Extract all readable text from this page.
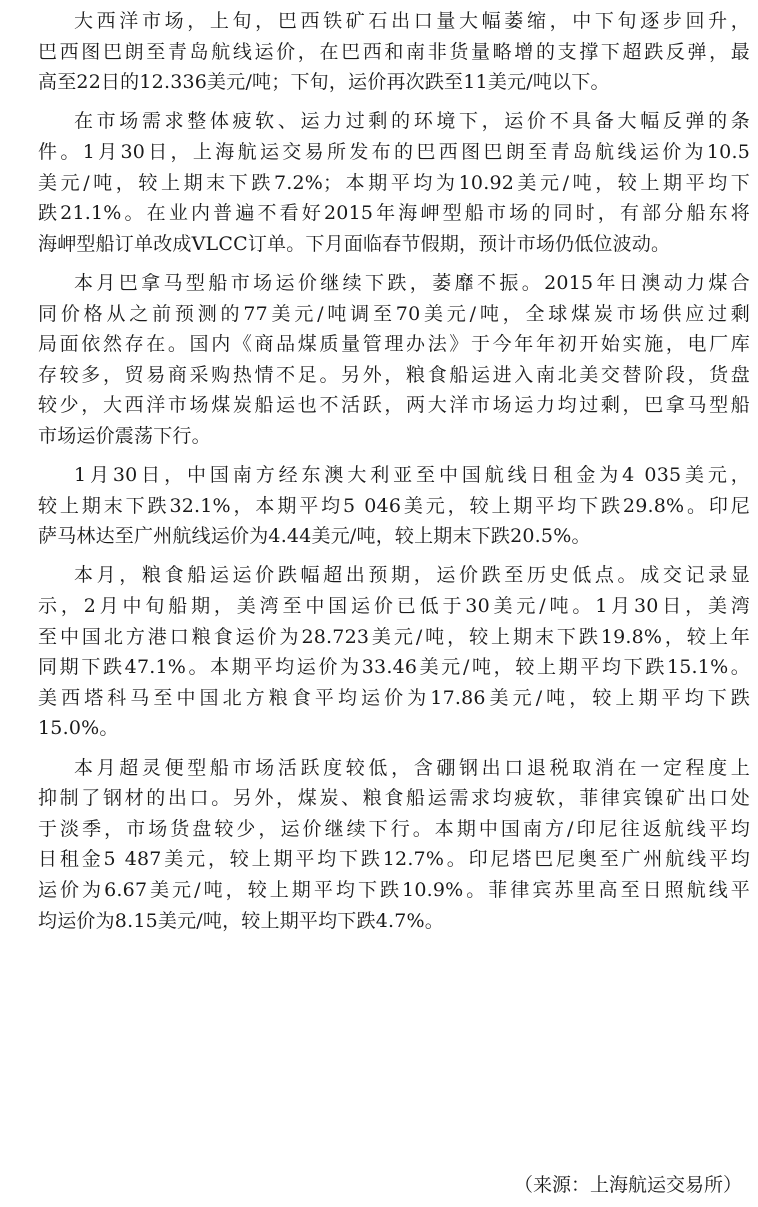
大西洋市场，上旬，巴西铁矿石出口量大幅萎缩，中下旬逐步回升，
巴西图巴朗至青岛航线运价，在巴西和南非货量略增的支撑下超跌反弹，最
高至22日的12.336美元/吨；下旬，运价再次跌至11美元/吨以下。
在市场需求整体疲软、运力过剩的环境下，运价不具备大幅反弹的条
件。1月30日，上海航运交易所发布的巴西图巴朗至青岛航线运价为10.5
美元/吨，较上期末下跌7.2%；本期平均为10.92美元/吨，较上期平均下
跌21.1%。在业内普遍不看好2015年海岬型船市场的同时，有部分船东将
海岬型船订单改成VLCC订单。下月面临春节假期，预计市场仍低位波动。
本月巴拿马型船市场运价继续下跌，萎靡不振。2015年日澳动力煤合
同价格从之前预测的77美元/吨调至70美元/吨，全球煤炭市场供应过剩
局面依然存在。国内《商品煤质量管理办法》于今年年初开始实施，电厂库
存较多，贸易商采购热情不足。另外，粮食船运进入南北美交替阶段，货盘
较少，大西洋市场煤炭船运也不活跃，两大洋市场运力均过剩，巴拿马型船
市场运价震荡下行。
1月30日，中国南方经东澳大利亚至中国航线日租金为4 035美元，
较上期末下跌32.1%，本期平均5 046美元，较上期平均下跌29.8%。印尼
萨马林达至广州航线运价为4.44美元/吨，较上期末下跌20.5%。
本月，粮食船运运价跌幅超出预期，运价跌至历史低点。成交记录显
示，2月中旬船期，美湾至中国运价已低于30美元/吨。1月30日，美湾
至中国北方港口粮食运价为28.723美元/吨，较上期末下跌19.8%，较上年
同期下跌47.1%。本期平均运价为33.46美元/吨，较上期平均下跌15.1%。
美西塔科马至中国北方粮食平均运价为17.86美元/吨，较上期平均下跌
15.0%。
本月超灵便型船市场活跃度较低，含硼钢出口退税取消在一定程度上
抑制了钢材的出口。另外，煤炭、粮食船运需求均疲软，菲律宾镍矿出口处
于淡季，市场货盘较少，运价继续下行。本期中国南方/印尼往返航线平均
日租金5 487美元，较上期平均下跌12.7%。印尼塔巴尼奥至广州航线平均
运价为6.67美元/吨，较上期平均下跌10.9%。菲律宾苏里高至日照航线平
均运价为8.15美元/吨，较上期平均下跌4.7%。
（来源：上海航运交易所）
